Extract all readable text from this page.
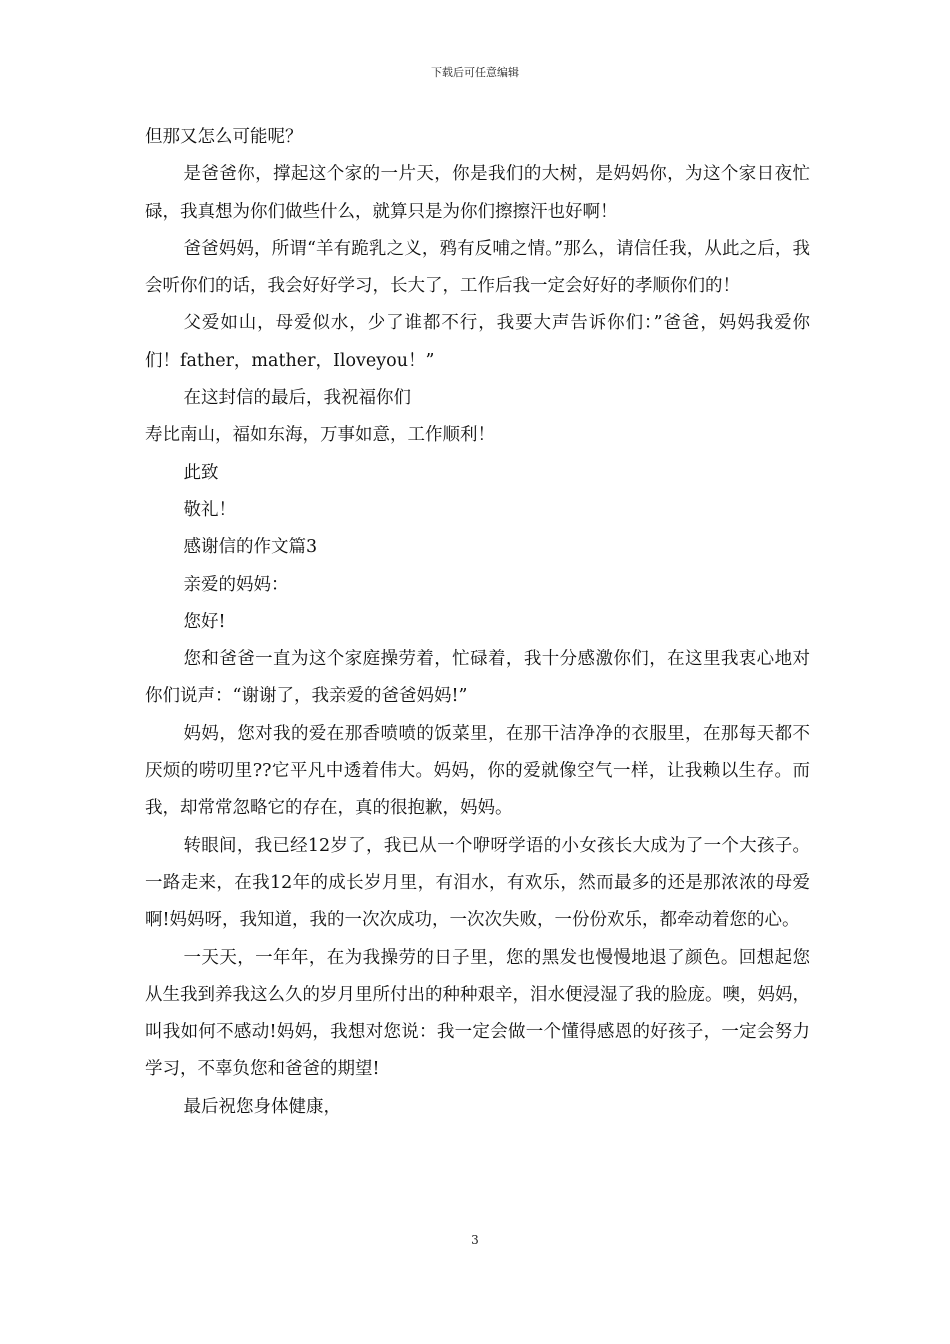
下载后可任意编辑

但那又怎么可能呢？

是爸爸你，撑起这个家的一片天，你是我们的大树，是妈妈你，为这个家日夜忙碌，我真想为你们做些什么，就算只是为你们擦擦汗也好啊！

爸爸妈妈，所谓“羊有跪乳之义，鸦有反哺之情。”那么，请信任我，从此之后，我会听你们的话，我会好好学习，长大了，工作后我一定会好好的孝顺你们的！

父爱如山，母爱似水，少了谁都不行，我要大声告诉你们：”爸爸，妈妈我爱你们！father，mather，Iloveyou！”

在这封信的最后，我祝福你们

寿比南山，福如东海，万事如意，工作顺利！

此致

敬礼！

感谢信的作文篇3

亲爱的妈妈：

您好!

您和爸爸一直为这个家庭操劳着，忙碌着，我十分感激你们，在这里我衷心地对你们说声：“谢谢了，我亲爱的爸爸妈妈!”

妈妈，您对我的爱在那香喷喷的饭菜里，在那干洁净净的衣服里，在那每天都不厌烦的唠叨里??它平凡中透着伟大。妈妈，你的爱就像空气一样，让我赖以生存。而我，却常常忽略它的存在，真的很抱歉，妈妈。

转眼间，我已经12岁了，我已从一个咿呀学语的小女孩长大成为了一个大孩子。一路走来，在我12年的成长岁月里，有泪水，有欢乐，然而最多的还是那浓浓的母爱啊!妈妈呀，我知道，我的一次次成功，一次次失败，一份份欢乐，都牵动着您的心。

一天天，一年年，在为我操劳的日子里，您的黑发也慢慢地退了颜色。回想起您从生我到养我这么久的岁月里所付出的种种艰辛，泪水便浸湿了我的脸庞。噢，妈妈，叫我如何不感动!妈妈，我想对您说：我一定会做一个懂得感恩的好孩子，一定会努力学习，不辜负您和爸爸的期望!

最后祝您身体健康，

3
